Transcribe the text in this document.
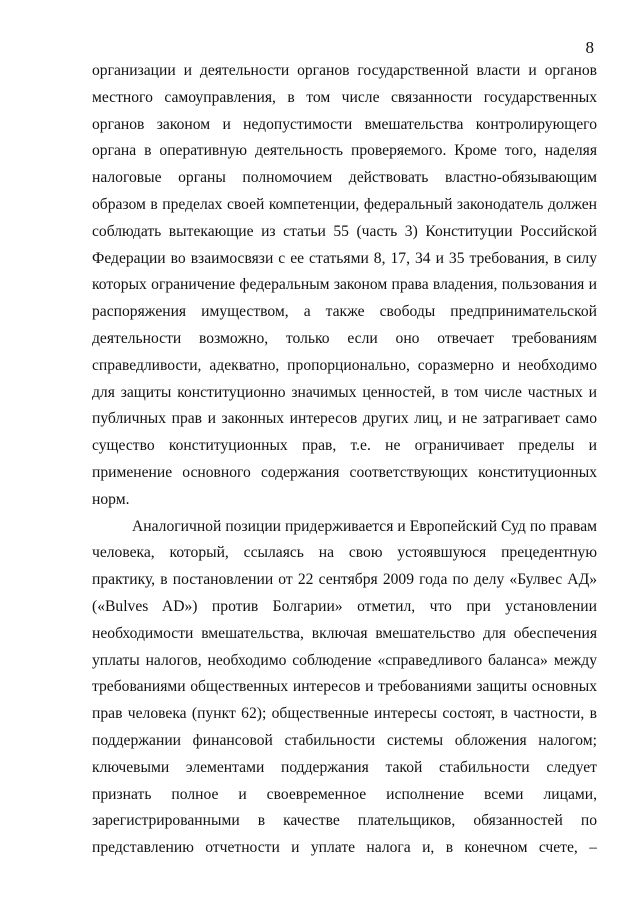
8
организации и деятельности органов государственной власти и органов
местного самоуправления, в том числе связанности государственных
органов законом и недопустимости вмешательства контролирующего
органа в оперативную деятельность проверяемого. Кроме того, наделяя
налоговые органы полномочием действовать властно-обязывающим
образом в пределах своей компетенции, федеральный законодатель должен
соблюдать вытекающие из статьи 55 (часть 3) Конституции Российской
Федерации во взаимосвязи с ее статьями 8, 17, 34 и 35 требования, в силу
которых ограничение федеральным законом права владения, пользования и
распоряжения имуществом, а также свободы предпринимательской
деятельности возможно, только если оно отвечает требованиям
справедливости, адекватно, пропорционально, соразмерно и необходимо
для защиты конституционно значимых ценностей, в том числе частных и
публичных прав и законных интересов других лиц, и не затрагивает само
существо конституционных прав, т.е. не ограничивает пределы и
применение основного содержания соответствующих конституционных
норм.
Аналогичной позиции придерживается и Европейский Суд по правам
человека, который, ссылаясь на свою устоявшуюся прецедентную
практику, в постановлении от 22 сентября 2009 года по делу «Булвес АД»
(«Bulves AD») против Болгарии» отметил, что при установлении
необходимости вмешательства, включая вмешательство для обеспечения
уплаты налогов, необходимо соблюдение «справедливого баланса» между
требованиями общественных интересов и требованиями защиты основных
прав человека (пункт 62); общественные интересы состоят, в частности, в
поддержании финансовой стабильности системы обложения налогом;
ключевыми элементами поддержания такой стабильности следует
признать полное и своевременное исполнение всеми лицами,
зарегистрированными в качестве плательщиков, обязанностей по
представлению отчетности и уплате налога и, в конечном счете, –
